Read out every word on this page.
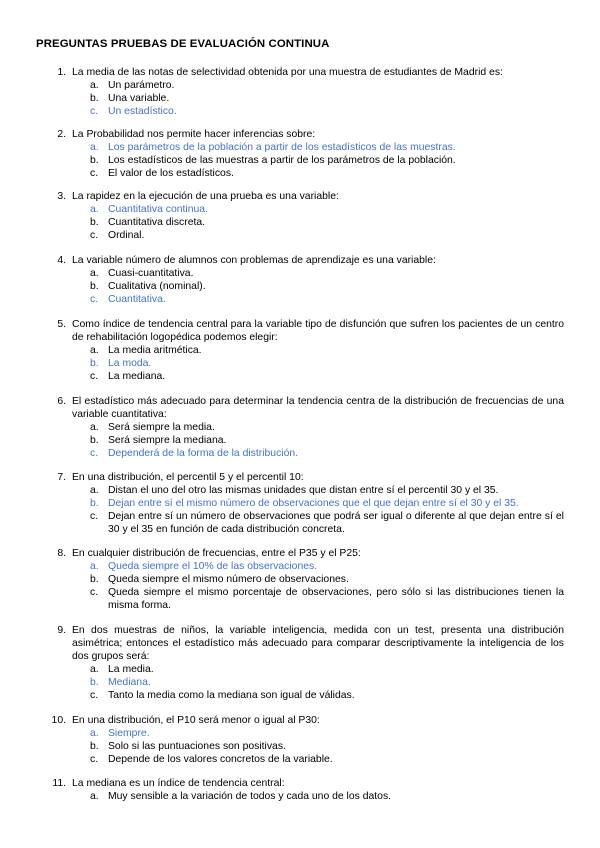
PREGUNTAS PRUEBAS DE EVALUACIÓN CONTINUA
1. La media de las notas de selectividad obtenida por una muestra de estudiantes de Madrid es:
a. Un parámetro.
b. Una variable.
c. Un estadístico.
2. La Probabilidad nos permite hacer inferencias sobre:
a. Los parámetros de la población a partir de los estadísticos de las muestras.
b. Los estadísticos de las muestras a partir de los parámetros de la población.
c. El valor de los estadísticos.
3. La rapidez en la ejecución de una prueba es una variable:
a. Cuantitativa continua.
b. Cuantitativa discreta.
c. Ordinal.
4. La variable número de alumnos con problemas de aprendizaje es una variable:
a. Cuasi-cuantitativa.
b. Cualitativa (nominal).
c. Cuantitativa.
5. Como índice de tendencia central para la variable tipo de disfunción que sufren los pacientes de un centro de rehabilitación logopédica podemos elegir:
a. La media aritmética.
b. La moda.
c. La mediana.
6. El estadístico más adecuado para determinar la tendencia centra de la distribución de frecuencias de una variable cuantitativa:
a. Será siempre la media.
b. Será siempre la mediana.
c. Dependerá de la forma de la distribución.
7. En una distribución, el percentil 5 y el percentil 10:
a. Distan el uno del otro las mismas unidades que distan entre sí el percentil 30 y el 35.
b. Dejan entre sí el mismo número de observaciones que el que dejan entre sí el 30 y el 35.
c. Dejan entre sí un número de observaciones que podrá ser igual o diferente al que dejan entre sí el 30 y el 35 en función de cada distribución concreta.
8. En cualquier distribución de frecuencias, entre el P35 y el P25:
a. Queda siempre el 10% de las observaciones.
b. Queda siempre el mismo número de observaciones.
c. Queda siempre el mismo porcentaje de observaciones, pero sólo si las distribuciones tienen la misma forma.
9. En dos muestras de niños, la variable inteligencia, medida con un test, presenta una distribución asimétrica; entonces el estadístico más adecuado para comparar descriptivamente la inteligencia de los dos grupos será:
a. La media.
b. Mediana.
c. Tanto la media como la mediana son igual de válidas.
10. En una distribución, el P10 será menor o igual al P30:
a. Siempre.
b. Solo si las puntuaciones son positivas.
c. Depende de los valores concretos de la variable.
11. La mediana es un índice de tendencia central:
a. Muy sensible a la variación de todos y cada uno de los datos.
